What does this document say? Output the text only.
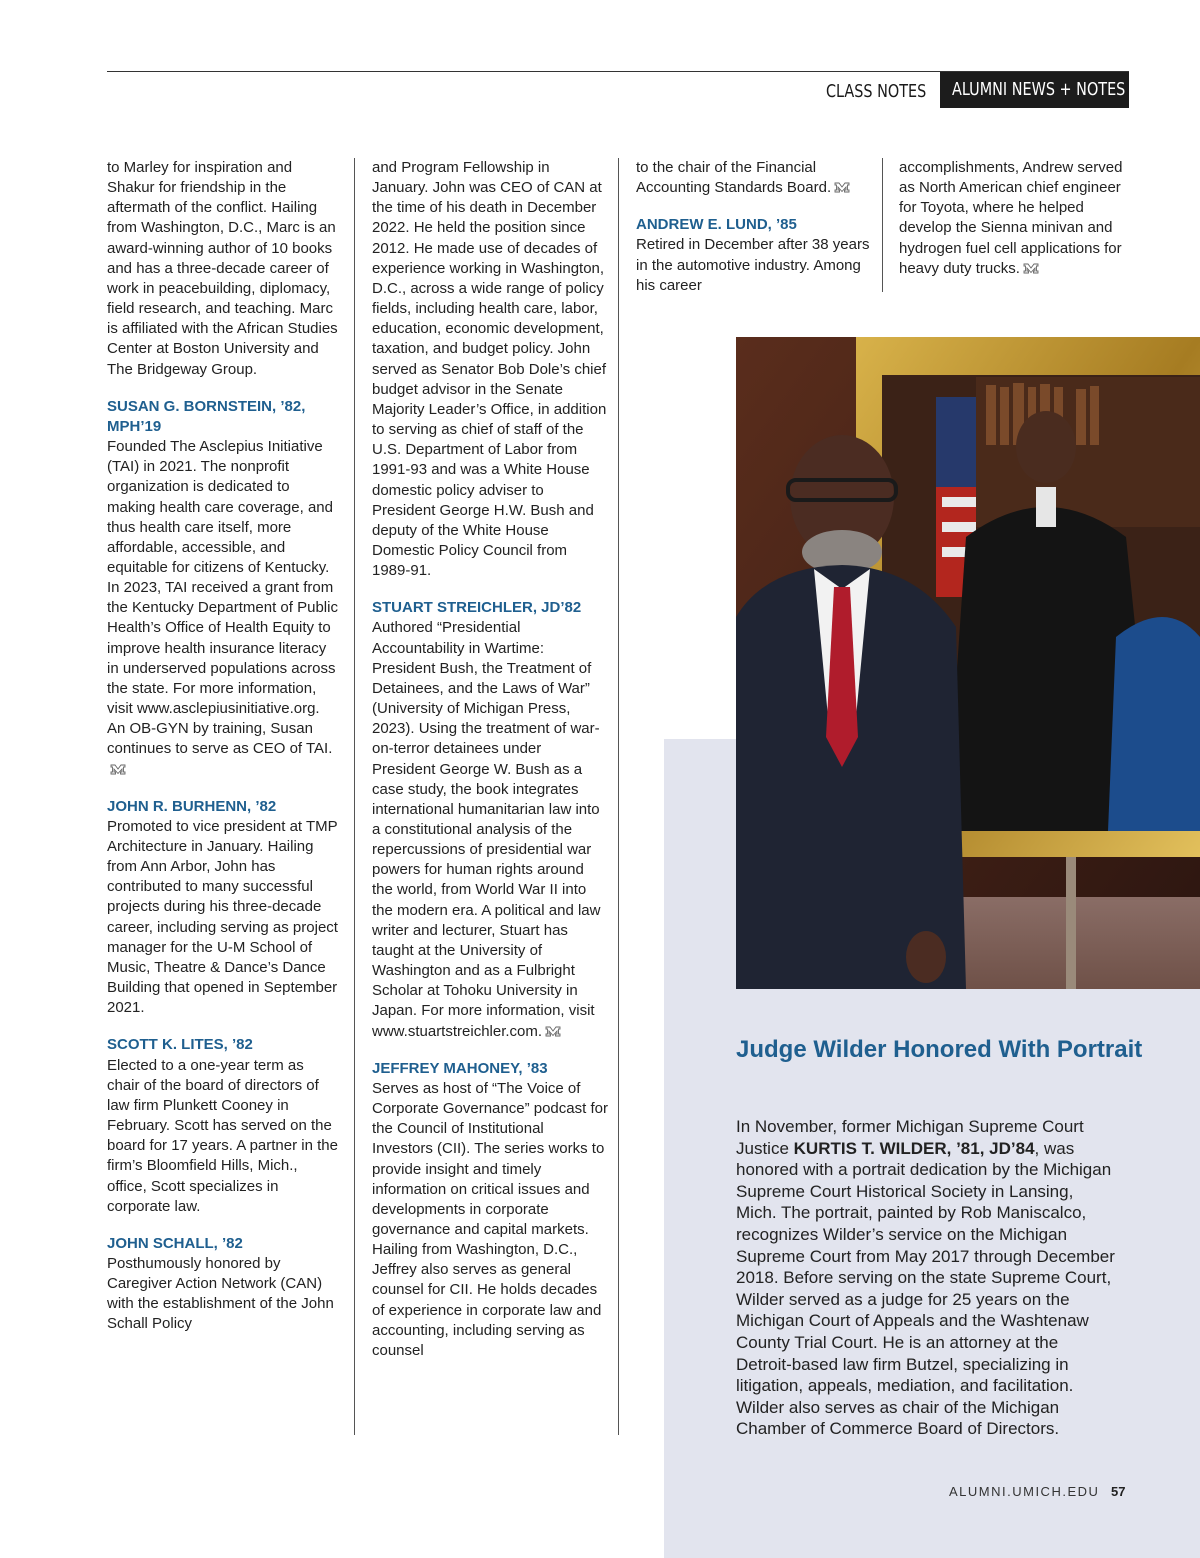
CLASS NOTES ALUMNI NEWS + NOTES

to Marley for inspiration and Shakur for friendship in the aftermath of the conflict. Hailing from Washington, D.C., Marc is an award-winning author of 10 books and has a three-decade career of work in peacebuilding, diplomacy, field research, and teaching. Marc is affiliated with the African Studies Center at Boston University and The Bridgeway Group.

SUSAN G. BORNSTEIN, ’82, MPH’19
Founded The Asclepius Initiative (TAI) in 2021. The nonprofit organization is dedicated to making health care coverage, and thus health care itself, more affordable, accessible, and equitable for citizens of Kentucky. In 2023, TAI received a grant from the Kentucky Department of Public Health’s Office of Health Equity to improve health insurance literacy in underserved populations across the state. For more information, visit www.asclepiusinitiative.org. An OB-GYN by training, Susan continues to serve as CEO of TAI.

JOHN R. BURHENN, ’82
Promoted to vice president at TMP Architecture in January. Hailing from Ann Arbor, John has contributed to many successful projects during his three-decade career, including serving as project manager for the U-M School of Music, Theatre & Dance’s Dance Building that opened in September 2021.

SCOTT K. LITES, ’82
Elected to a one-year term as chair of the board of directors of law firm Plunkett Cooney in February. Scott has served on the board for 17 years. A partner in the firm’s Bloomfield Hills, Mich., office, Scott specializes in corporate law.

JOHN SCHALL, ’82
Posthumously honored by Caregiver Action Network (CAN) with the establishment of the John Schall Policy

and Program Fellowship in January. John was CEO of CAN at the time of his death in December 2022. He held the position since 2012. He made use of decades of experience working in Washington, D.C., across a wide range of policy fields, including health care, labor, education, economic development, taxation, and budget policy. John served as Senator Bob Dole’s chief budget advisor in the Senate Majority Leader’s Office, in addition to serving as chief of staff of the U.S. Department of Labor from 1991-93 and was a White House domestic policy adviser to President George H.W. Bush and deputy of the White House Domestic Policy Council from 1989-91.

STUART STREICHLER, JD’82
Authored “Presidential Accountability in Wartime: President Bush, the Treatment of Detainees, and the Laws of War” (University of Michigan Press, 2023). Using the treatment of war-on-terror detainees under President George W. Bush as a case study, the book integrates international humanitarian law into a constitutional analysis of the repercussions of presidential war powers for human rights around the world, from World War II into the modern era. A political and law writer and lecturer, Stuart has taught at the University of Washington and as a Fulbright Scholar at Tohoku University in Japan. For more information, visit www.stuartstreichler.com.

JEFFREY MAHONEY, ’83
Serves as host of “The Voice of Corporate Governance” podcast for the Council of Institutional Investors (CII). The series works to provide insight and timely information on critical issues and developments in corporate governance and capital markets. Hailing from Washington, D.C., Jeffrey also serves as general counsel for CII. He holds decades of experience in corporate law and accounting, including serving as counsel

to the chair of the Financial Accounting Standards Board.

ANDREW E. LUND, ’85
Retired in December after 38 years in the automotive industry. Among his career

accomplishments, Andrew served as North American chief engineer for Toyota, where he helped develop the Sienna minivan and hydrogen fuel cell applications for heavy duty trucks.

Judge Wilder Honored With Portrait

In November, former Michigan Supreme Court Justice KURTIS T. WILDER, ’81, JD’84, was honored with a portrait dedication by the Michigan Supreme Court Historical Society in Lansing, Mich. The portrait, painted by Rob Maniscalco, recognizes Wilder’s service on the Michigan Supreme Court from May 2017 through December 2018. Before serving on the state Supreme Court, Wilder served as a judge for 25 years on the Michigan Court of Appeals and the Washtenaw County Trial Court. He is an attorney at the Detroit-based law firm Butzel, specializing in litigation, appeals, mediation, and facilitation. Wilder also serves as chair of the Michigan Chamber of Commerce Board of Directors.

ALUMNI.UMICH.EDU 57
